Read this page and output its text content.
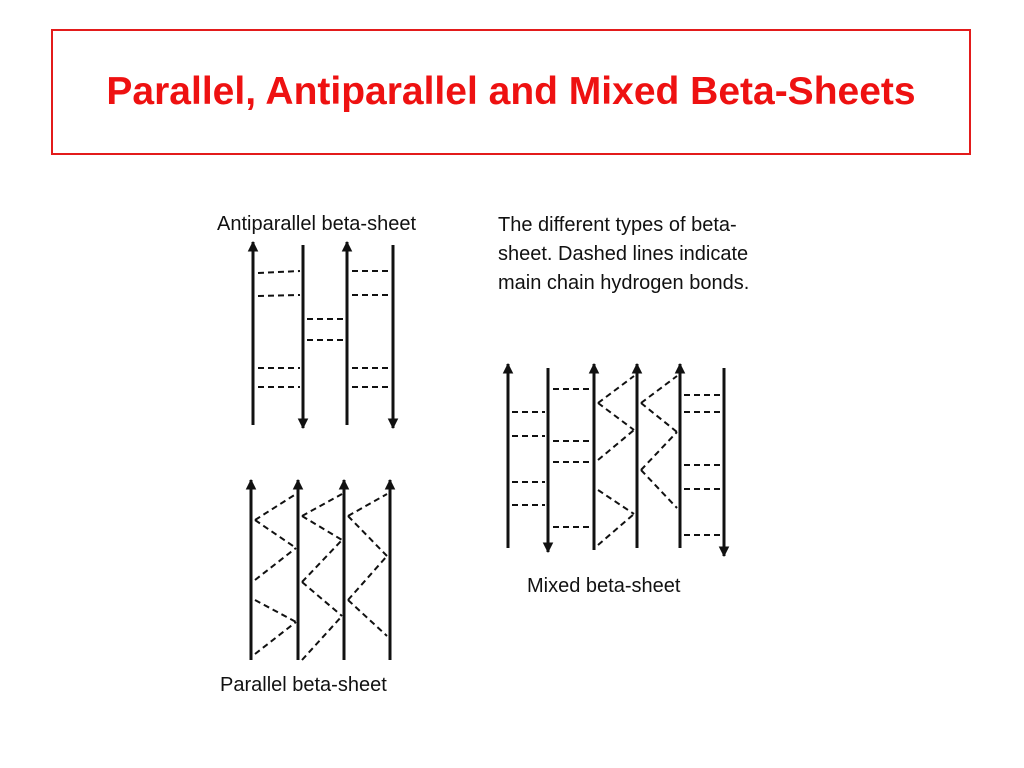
Parallel, Antiparallel and Mixed Beta-Sheets
Antiparallel beta-sheet	The different types of beta-sheet. Dashed lines indicate main chain hydrogen bonds.
Mixed beta-sheet
Parallel beta-sheet
